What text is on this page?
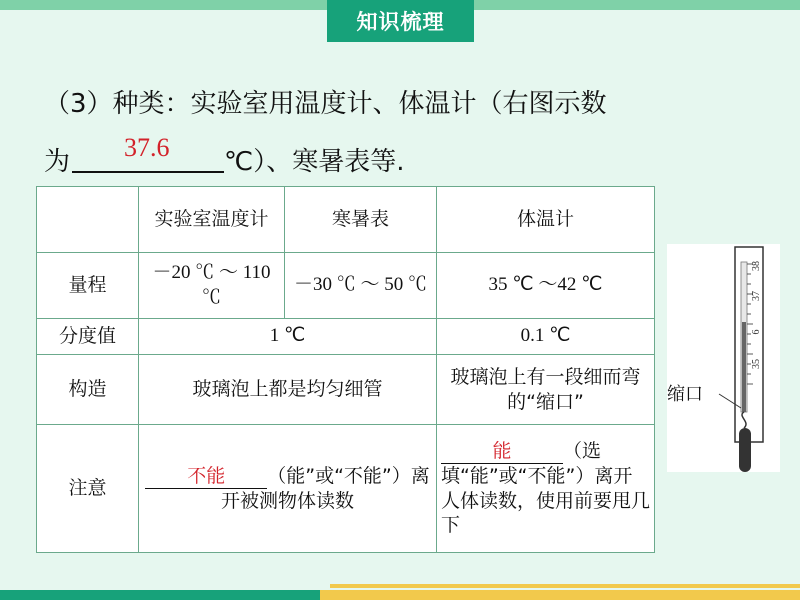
知识梳理
（3）种类：实验室用温度计、体温计（右图示数
为 37.6 ℃）、寒暑表等.
	实验室温度计	寒暑表	体温计
量程	－20 ℃ ～ 110 ℃	－30 ℃ ～ 50 ℃	35 ℃ ～42 ℃
分度值	1 ℃		0.1 ℃
构造	玻璃泡上都是均匀细管		玻璃泡上有一段细而弯的“缩口”
注意	不能 （能”或“不能”）离开被测物体读数		能 （选填“能”或“不能”）离开人体读数，使用前要甩几下
35
6
37
38
缩口
